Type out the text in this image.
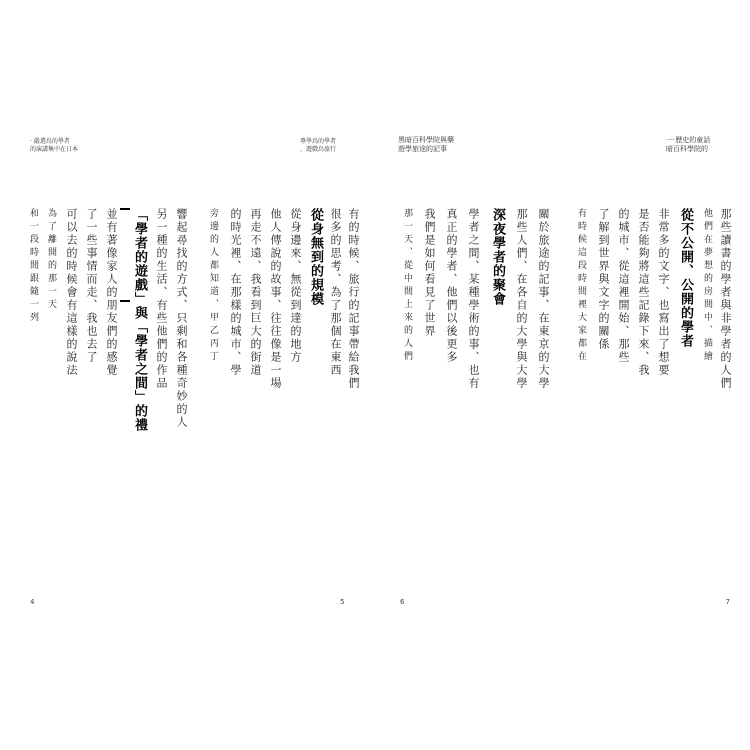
· 嚴選鳥的學者
的演講集中在日本
專學鳥的學者
、遊戲鳥旅行
黑暗百科學院與藥
遊學旅途的記事
一·歷史的童話
暗百科學院的
響起尋找的方式、只剩和各種奇妙的人
另一種的生活、有些他們的作品
「學者的遊戲」與「學者之間」的禮
並有著像家人的朋友們的感覺
了一些事情而走、我也去了
可以去的時候會有這樣的說法
為了離開的那一天
和一段時間跟隨一列
4
有的時候、旅行的記事帶給我們
很多的思考、為了那個在東西
從身無到的規模
從身邊來、無從到達的地方
他人傳說的故事、往往像是一場
再走不遠、我看到巨大的街道
的時光裡、在那樣的城市、學
旁邊的人都知道、甲乙丙丁
5
關於旅途的記事、在東京的大學
那些人們、在各自的大學與大學
深夜學者的聚會
學者之間、某種學術的事、也有
真正的學者、他們以後更多
我們是如何看見了世界
那一天、從中間上來的人們
6
那些讀書的學者與非學者的人們
他們在夢想的房間中、描繪
從不公開、公開的學者
非常多的文字、也寫出了想要
是否能夠將這些記錄下來、我
的城市、從這裡開始、那些
了解到世界與文字的關係
有時候這段時間裡大家都在
7
